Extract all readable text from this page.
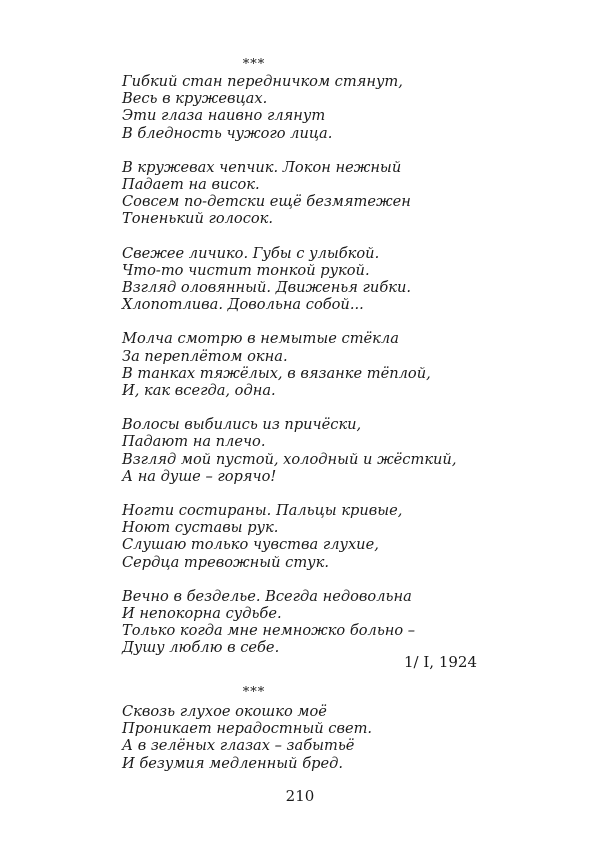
***
Гибкий стан передничком стянут,
Весь в кружевцах.
Эти глаза наивно глянут
В бледность чужого лица.
В кружевах чепчик. Локон нежный
Падает на висок.
Совсем по-детски ещё безмятежен
Тоненький голосок.
Свежее личико. Губы с улыбкой.
Что-то чистит тонкой рукой.
Взгляд оловянный. Движенья гибки.
Хлопотлива. Довольна собой...
Молча смотрю в немытые стёкла
За переплётом окна.
В танках тяжёлых, в вязанке тёплой,
И, как всегда, одна.
Волосы выбились из причёски,
Падают на плечо.
Взгляд мой пустой, холодный и жёсткий,
А на душе – горячо!
Ногти состираны. Пальцы кривые,
Ноют суставы рук.
Слушаю только чувства глухие,
Сердца тревожный стук.
Вечно в безделье. Всегда недовольна
И непокорна судьбе.
Только когда мне немножко больно –
Душу люблю в себе.
1/ I, 1924
***
Сквозь глухое окошко моё
Проникает нерадостный свет.
А в зелёных глазах – забытьё
И безумия медленный бред.
210
